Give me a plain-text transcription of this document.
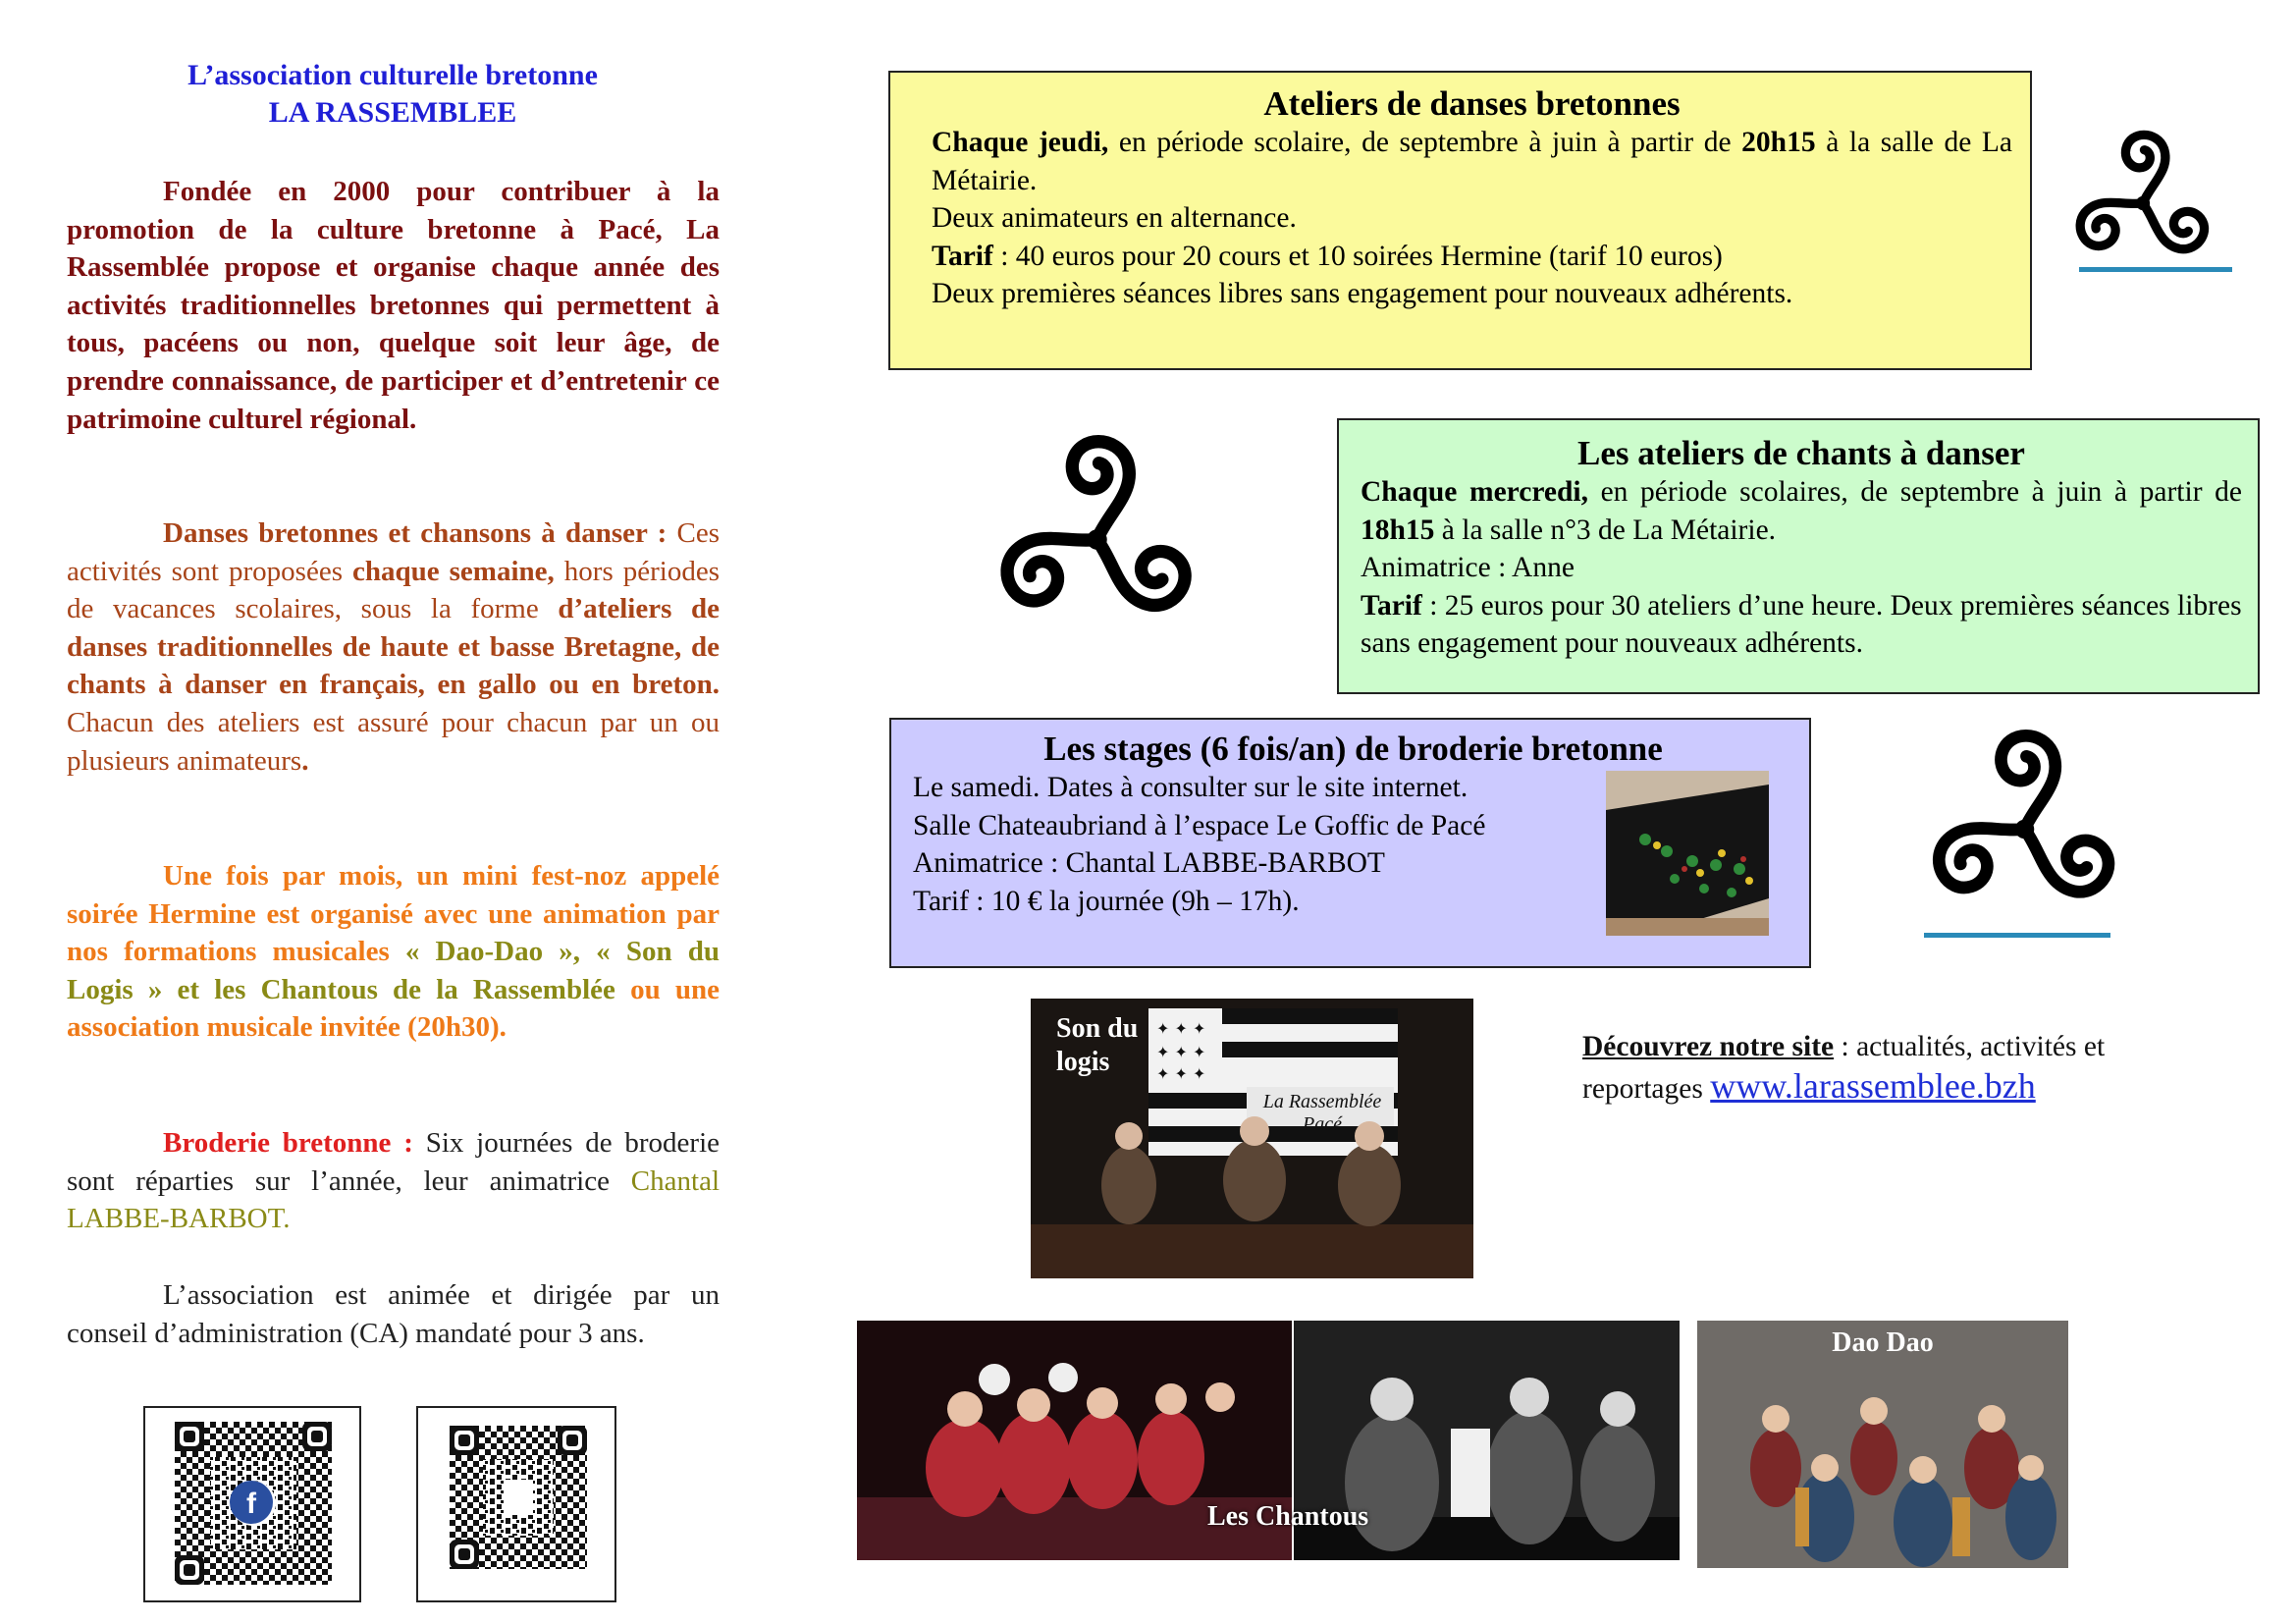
L’association culturelle bretonne
LA RASSEMBLEE
Fondée en 2000 pour contribuer à la promotion de la culture bretonne à Pacé, La Rassemblée propose et organise chaque année des activités traditionnelles bretonnes qui permettent à tous, pacéens ou non, quelque soit leur âge, de prendre connaissance, de participer et d’entretenir ce patrimoine culturel régional.
Danses bretonnes et chansons à danser : Ces activités sont proposées chaque semaine, hors périodes de vacances scolaires, sous la forme d’ateliers de danses traditionnelles de haute et basse Bretagne, de chants à danser en français, en gallo ou en breton. Chacun des ateliers est assuré pour chacun par un ou plusieurs animateurs.
Une fois par mois, un mini fest-noz appelé soirée Hermine est organisé avec une animation par nos formations musicales « Dao-Dao », « Son du Logis » et les Chantous de la Rassemblée ou une association musicale invitée (20h30).
Broderie bretonne : Six journées de broderie sont réparties sur l’année, leur animatrice Chantal LABBE-BARBOT.
L’association est animée et dirigée par un conseil d’administration (CA) mandaté pour 3 ans.
f
Ateliers de danses bretonnes
Chaque jeudi, en période scolaire, de septembre à juin à partir de 20h15 à la salle de La Métairie.
Deux animateurs en alternance.
Tarif : 40 euros pour 20 cours et 10 soirées Hermine (tarif 10 euros)
Deux premières séances libres sans engagement pour nouveaux adhérents.
Les ateliers de chants à danser
Chaque mercredi, en période scolaires, de septembre à juin à partir de 18h15 à la salle n°3 de La Métairie.
Animatrice : Anne
Tarif : 25 euros pour 30 ateliers d’une heure. Deux premières séances libres sans engagement pour nouveaux adhérents.
Les stages (6 fois/an) de broderie bretonne
Le samedi. Dates à consulter sur le site internet.
Salle Chateaubriand à l’espace Le Goffic de Pacé
Animatrice : Chantal LABBE-BARBOT
Tarif : 10 € la journée (9h – 17h).
✦ ✦ ✦
✦ ✦ ✦
✦ ✦ ✦
La Rassemblée Pacé
Son du logis	Découvrez notre site : actualités, activités et reportages www.larassemblee.bzh
Les Chantous
Dao Dao
